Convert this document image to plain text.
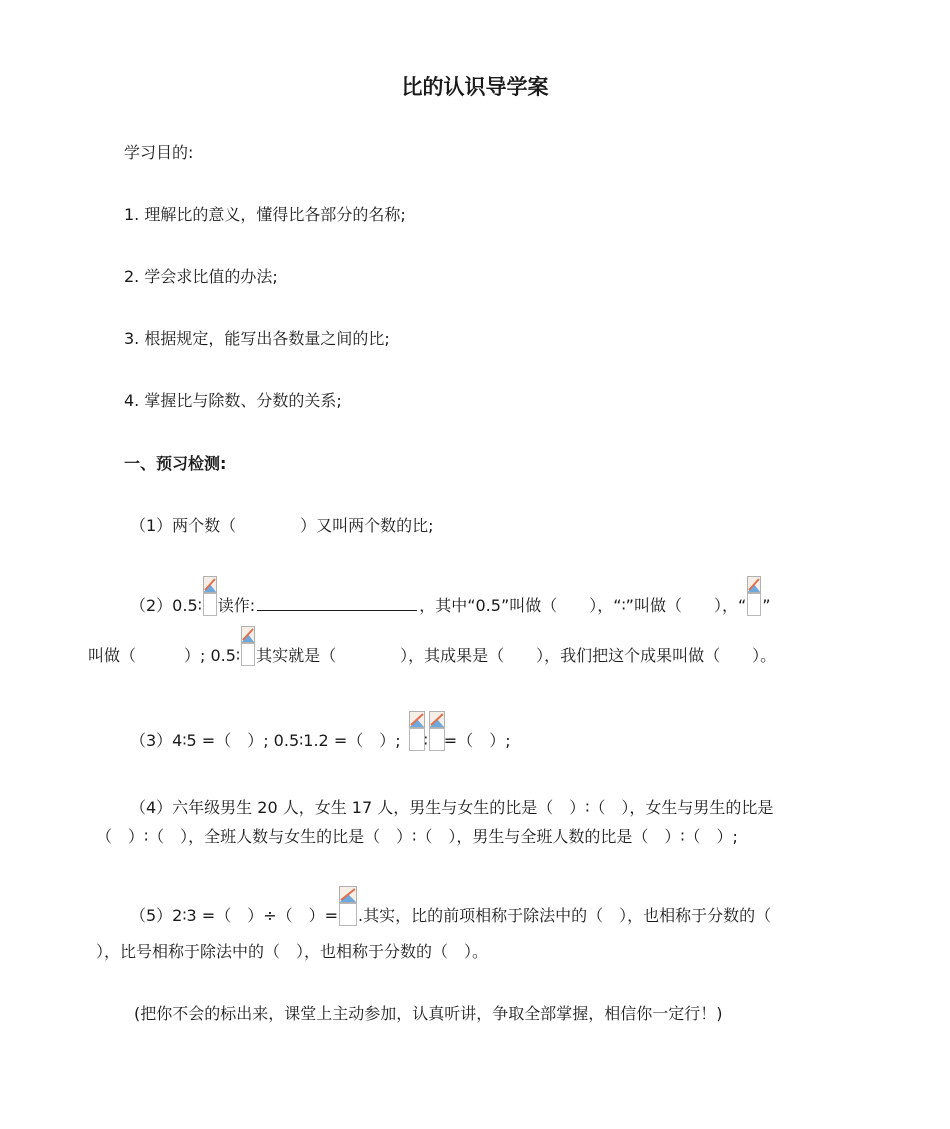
比的认识导学案
学习目的:
1. 理解比的意义，懂得比各部分的名称;
2. 学会求比值的办法;
3. 根据规定，能写出各数量之间的比;
4. 掌握比与除数、分数的关系;
一、预习检测:
（1）两个数（　　　　）又叫两个数的比;
（2）0.5∶ 读作:	，其中“0.5”叫做（　　），“∶”叫做（　　），“ ”
叫做（　　　）; 0.5∶ 其实就是（　　　　），其成果是（　　），我们把这个成果叫做（　　）。
（3）4∶5 =（　）; 0.5∶1.2 =（　）; ∶ =（　）;
（4）六年级男生 20 人，女生 17 人，男生与女生的比是（　）∶（　），女生与男生的比是
（　）∶（　），全班人数与女生的比是（　）∶（　），男生与全班人数的比是（　）∶（　）;
（5）2∶3 =（　）÷（　）= .其实，比的前项相称于除法中的（　），也相称于分数的（
），比号相称于除法中的（　），也相称于分数的（　）。
(把你不会的标出来，课堂上主动参加，认真听讲，争取全部掌握，相信你一定行！)
